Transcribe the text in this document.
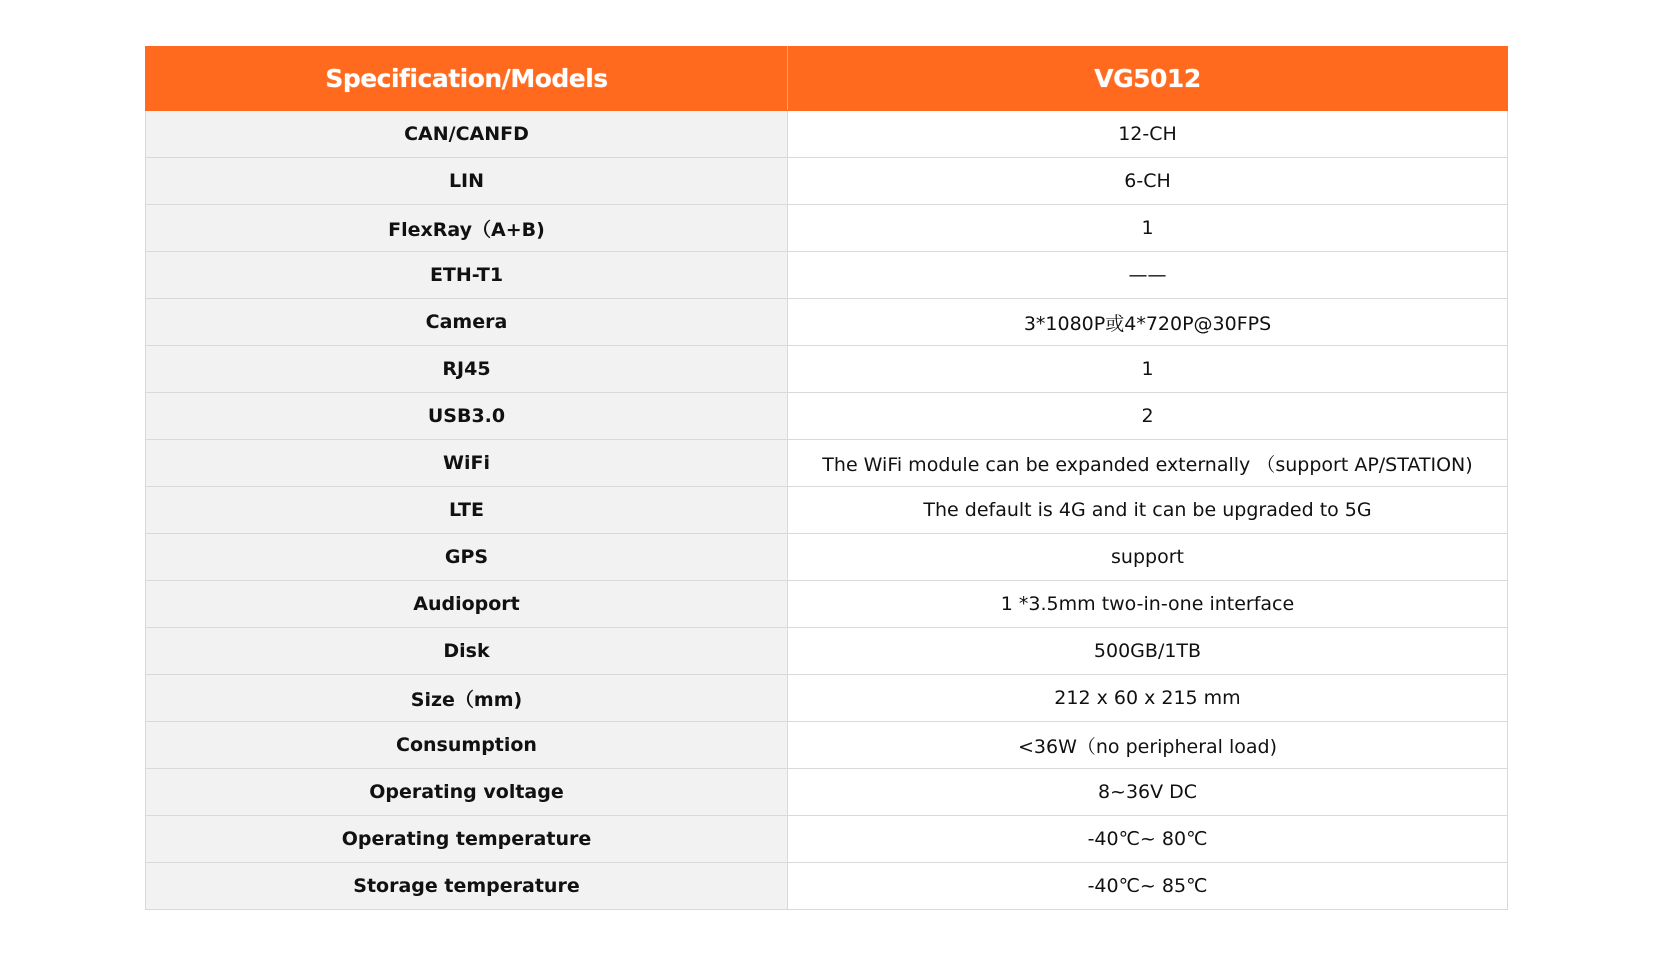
Specification/Models	VG5012
CAN/CANFD	12-CH
LIN	6-CH
FlexRay（A+B)	1
ETH-T1	——
Camera	3*1080P或4*720P@30FPS
RJ45	1
USB3.0	2
WiFi	The WiFi module can be expanded externally （support AP/STATION)
LTE	The default is 4G and it can be upgraded to 5G
GPS	support
Audioport	1 *3.5mm two-in-one interface
Disk	500GB/1TB
Size（mm)	212 x 60 x 215 mm
Consumption	<36W（no peripheral load)
Operating voltage	8~36V DC
Operating temperature	-40℃~ 80℃
Storage temperature	-40℃~ 85℃
